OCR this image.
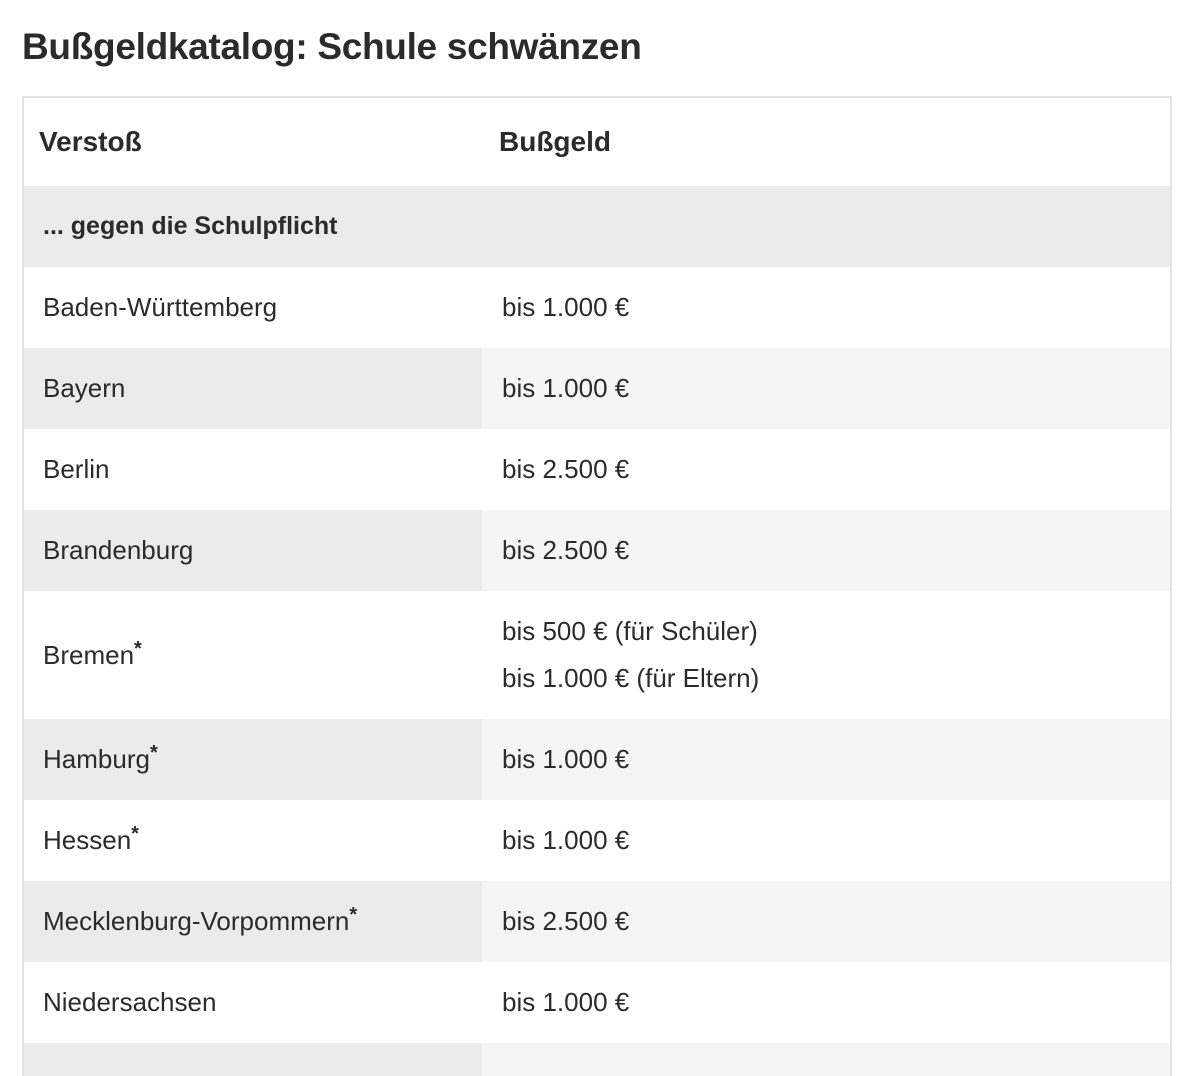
Bußgeldkatalog: Schule schwänzen
Verstoß	Bußgeld
... gegen die Schulpflicht	
Baden-Württemberg	bis 1.000 €
Bayern	bis 1.000 €
Berlin	bis 2.500 €
Brandenburg	bis 2.500 €
Bremen*	bis 500 € (für Schüler)
bis 1.000 € (für Eltern)

Hamburg*	bis 1.000 €
Hessen*	bis 1.000 €
Mecklenburg-Vorpommern*	bis 2.500 €
Niedersachsen	bis 1.000 €
